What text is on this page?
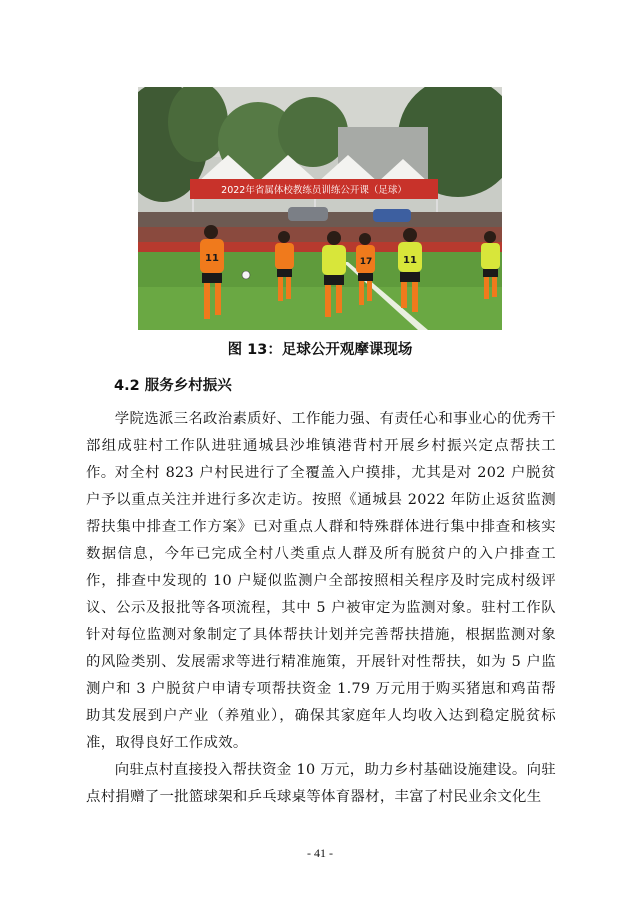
2022年省属体校教练员训练公开课（足球）
11	17	11
图 13：足球公开观摩课现场
4.2 服务乡村振兴

学院选派三名政治素质好、工作能力强、有责任心和事业心的优秀干部组成驻村工作队进驻通城县沙堆镇港背村开展乡村振兴定点帮扶工作。 对全村 823 户村民进行了全覆盖入户摸排，尤其是对 202 户脱贫户予以重点关注并进行多次走访。按照《通城县 2022 年防止返贫监测帮扶集中排查工作方案》已对重点人群和特殊群体进行集中排查和核实数据信息，今年已完成全村八类重点人群及所有脱贫户的入户排查工作，排查中发现的 10 户疑似监测户全部按照相关程序及时完成村级评议、公示及报批等各项流程，其中 5 户被审定为监测对象。驻村工作队针对每位监测对象制定了具体帮扶计划并完善帮扶措施，根据监测对象的风险类别、发展需求等进行精准施策，开展针对性帮扶，如为 5 户监测户和 3 户脱贫户申请专项帮扶资金 1.79 万元用于购买猪崽和鸡苗帮助其发展到户产业（养殖业），确保其家庭年人均收入达到稳定脱贫标准，取得良好工作成效。

向驻点村直接投入帮扶资金 10 万元，助力乡村基础设施建设。向驻点村捐赠了一批篮球架和乒乓球桌等体育器材，丰富了村民业余文化生

- 41 -
